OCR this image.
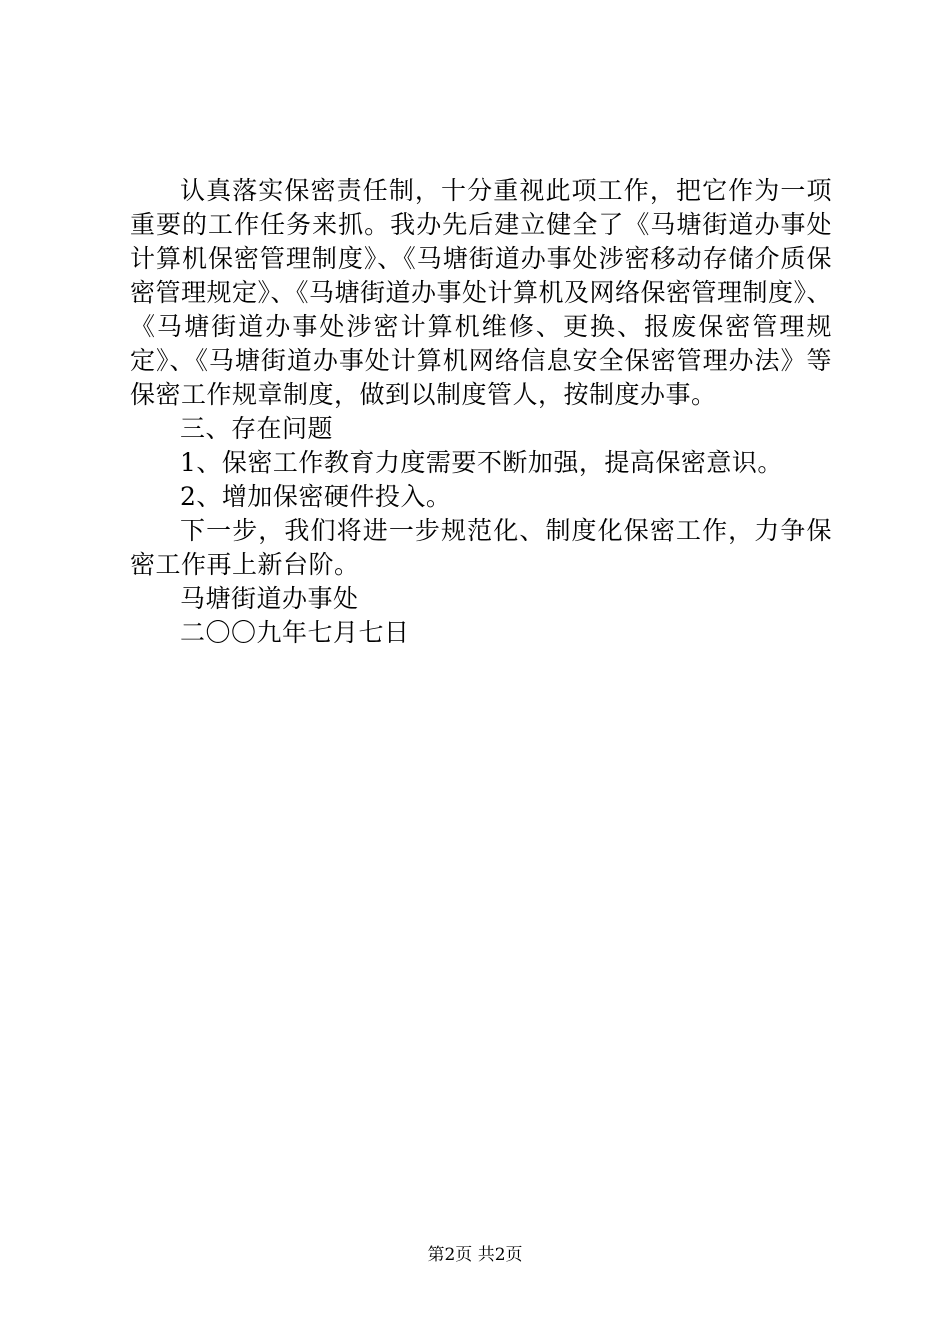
认真落实保密责任制，十分重视此项工作，把它作为一项重要的工作任务来抓。我办先后建立健全了《马塘街道办事处计算机保密管理制度》、《马塘街道办事处涉密移动存储介质保密管理规定》、《马塘街道办事处计算机及网络保密管理制度》、《马塘街道办事处涉密计算机维修、更换、报废保密管理规定》、《马塘街道办事处计算机网络信息安全保密管理办法》等保密工作规章制度，做到以制度管人，按制度办事。

三、存在问题

1、保密工作教育力度需要不断加强，提高保密意识。

2、增加保密硬件投入。

下一步，我们将进一步规范化、制度化保密工作，力争保密工作再上新台阶。

马塘街道办事处

二〇〇九年七月七日

第2页 共2页
